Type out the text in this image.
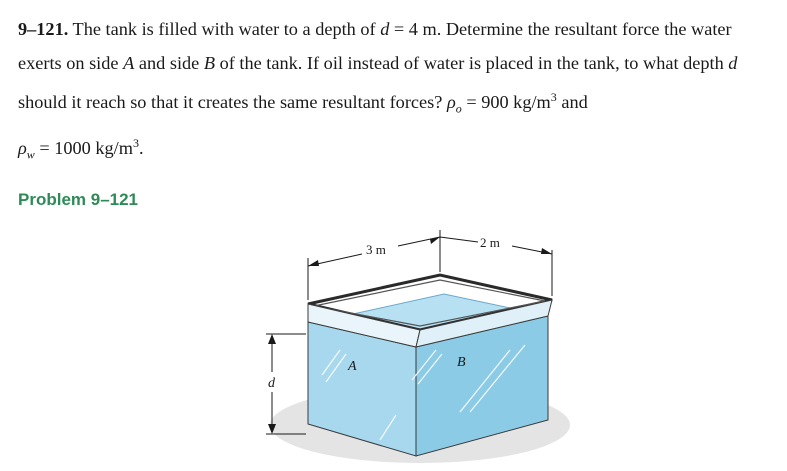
9–121. The tank is filled with water to a depth of d = 4 m. Determine the resultant force the water exerts on side A and side B of the tank. If oil instead of water is placed in the tank, to what depth d should it reach so that it creates the same resultant forces? $\rho_o = 900$ $kg/m^3$ and
$\rho_w = 1000$ $kg/m^3$.
Problem 9–121
A	B
3 m	2 m
d
